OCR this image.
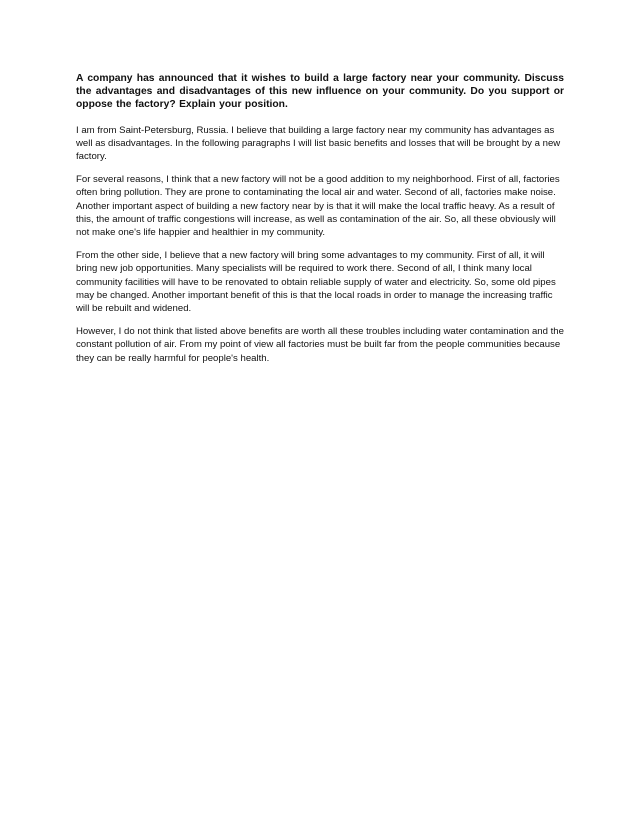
A company has announced that it wishes to build a large factory near your community. Discuss the advantages and disadvantages of this new influence on your community. Do you support or oppose the factory? Explain your position.

I am from Saint-Petersburg, Russia. I believe that building a large factory near my community has advantages as well as disadvantages. In the following paragraphs I will list basic benefits and losses that will be brought by a new factory.

For several reasons, I think that a new factory will not be a good addition to my neighborhood. First of all, factories often bring pollution. They are prone to contaminating the local air and water. Second of all, factories make noise. Another important aspect of building a new factory near by is that it will make the local traffic heavy. As a result of this, the amount of traffic congestions will increase, as well as contamination of the air. So, all these obviously will not make one's life happier and healthier in my community.

From the other side, I believe that a new factory will bring some advantages to my community. First of all, it will bring new job opportunities. Many specialists will be required to work there. Second of all, I think many local community facilities will have to be renovated to obtain reliable supply of water and electricity. So, some old pipes may be changed. Another important benefit of this is that the local roads in order to manage the increasing traffic will be rebuilt and widened.

However, I do not think that listed above benefits are worth all these troubles including water contamination and the constant pollution of air. From my point of view all factories must be built far from the people communities because they can be really harmful for people's health.
